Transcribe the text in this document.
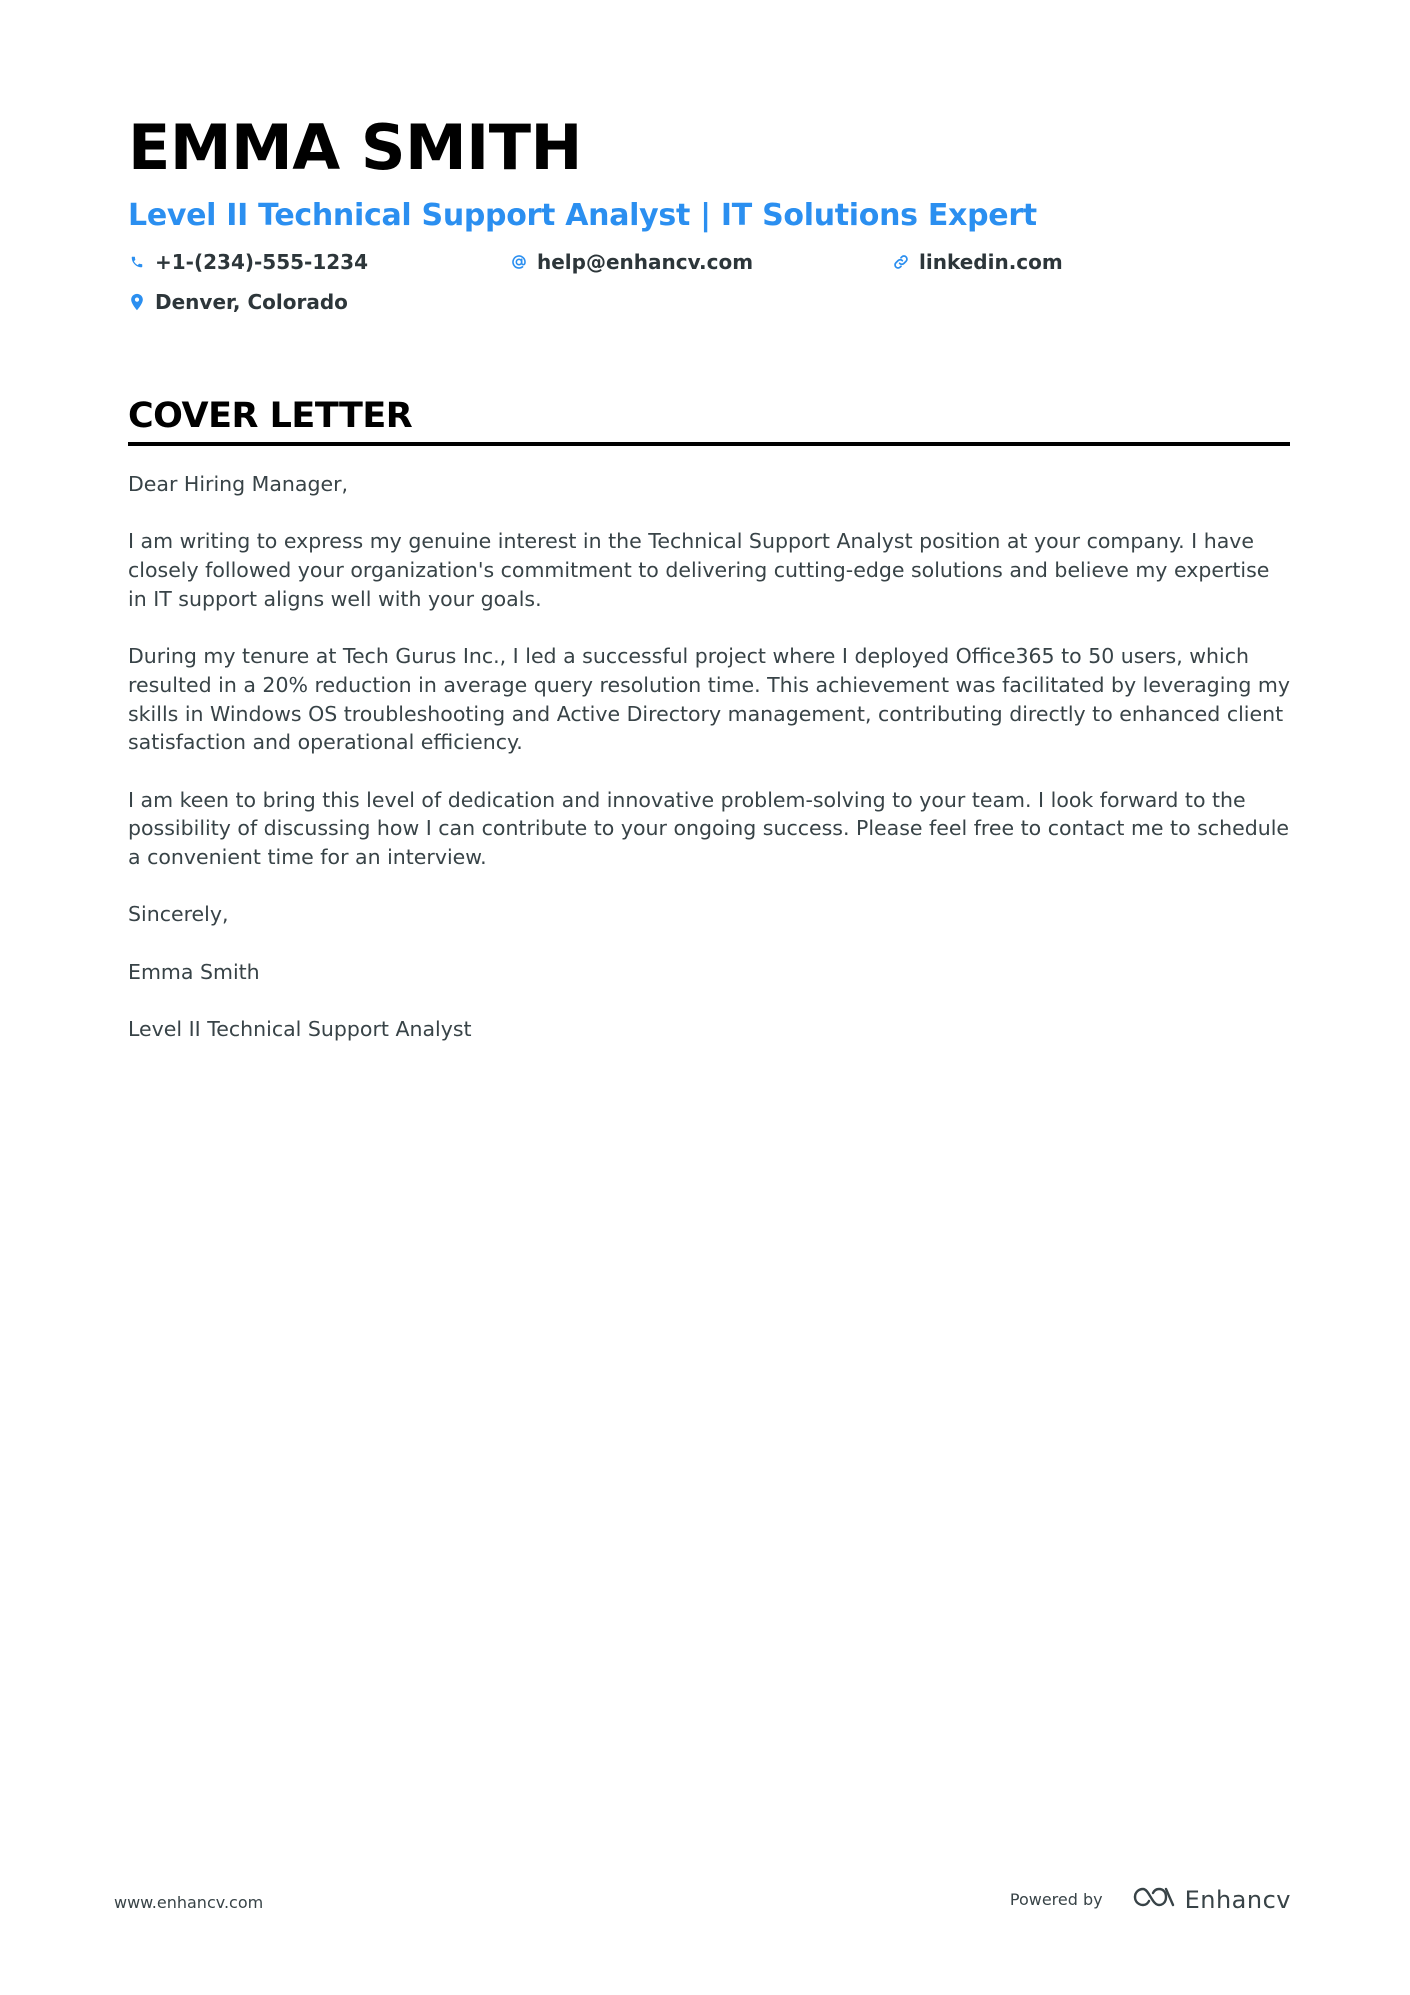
EMMA SMITH
Level II Technical Support Analyst | IT Solutions Expert
+1-(234)-555-1234	help@enhancv.com	linkedin.com
Denver, Colorado
COVER LETTER

Dear Hiring Manager,

I am writing to express my genuine interest in the Technical Support Analyst position at your company. I have closely followed your organization's commitment to delivering cutting-edge solutions and believe my expertise in IT support aligns well with your goals.

During my tenure at Tech Gurus Inc., I led a successful project where I deployed Office365 to 50 users, which resulted in a 20% reduction in average query resolution time. This achievement was facilitated by leveraging my skills in Windows OS troubleshooting and Active Directory management, contributing directly to enhanced client satisfaction and operational efficiency.

I am keen to bring this level of dedication and innovative problem-solving to your team. I look forward to the possibility of discussing how I can contribute to your ongoing success. Please feel free to contact me to schedule a convenient time for an interview.

Sincerely,

Emma Smith

Level II Technical Support Analyst

www.enhancv.com	Powered by	Enhancv
